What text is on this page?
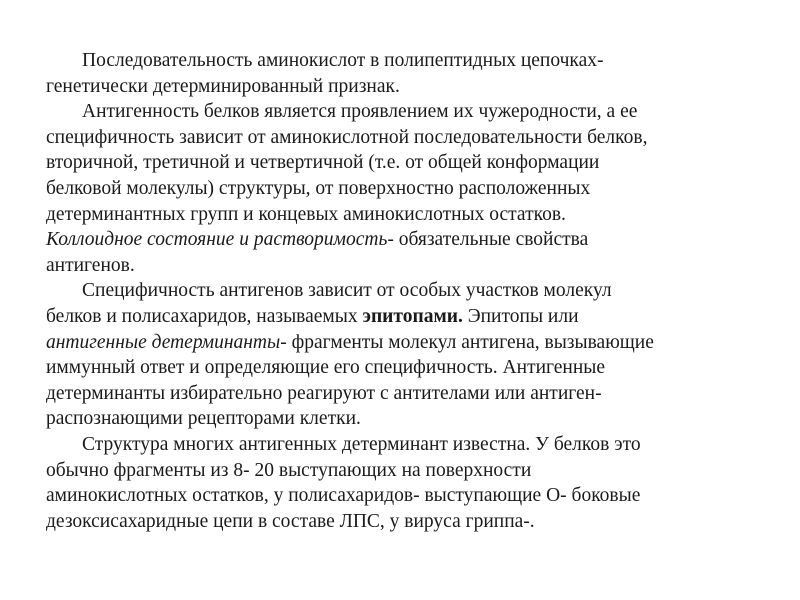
Последовательность аминокислот в полипептидных цепочках-
генетически детерминированный признак.
Антигенность белков является проявлением их чужеродности, а ее
специфичность зависит от аминокислотной последовательности белков,
вторичной, третичной и четвертичной (т.е. от общей конформации
белковой молекулы) структуры, от поверхностно расположенных
детерминантных групп и концевых аминокислотных остатков.
Коллоидное состояние и растворимость- обязательные свойства
антигенов.
Специфичность антигенов зависит от особых участков молекул
белков и полисахаридов, называемых эпитопами. Эпитопы или
антигенные детерминанты- фрагменты молекул антигена, вызывающие
иммунный ответ и определяющие его специфичность. Антигенные
детерминанты избирательно реагируют с антителами или антиген-
распознающими рецепторами клетки.
Структура многих антигенных детерминант известна. У белков это
обычно фрагменты из 8- 20 выступающих на поверхности
аминокислотных остатков, у полисахаридов- выступающие О- боковые
дезоксисахаридные цепи в составе ЛПС, у вируса гриппа-.
